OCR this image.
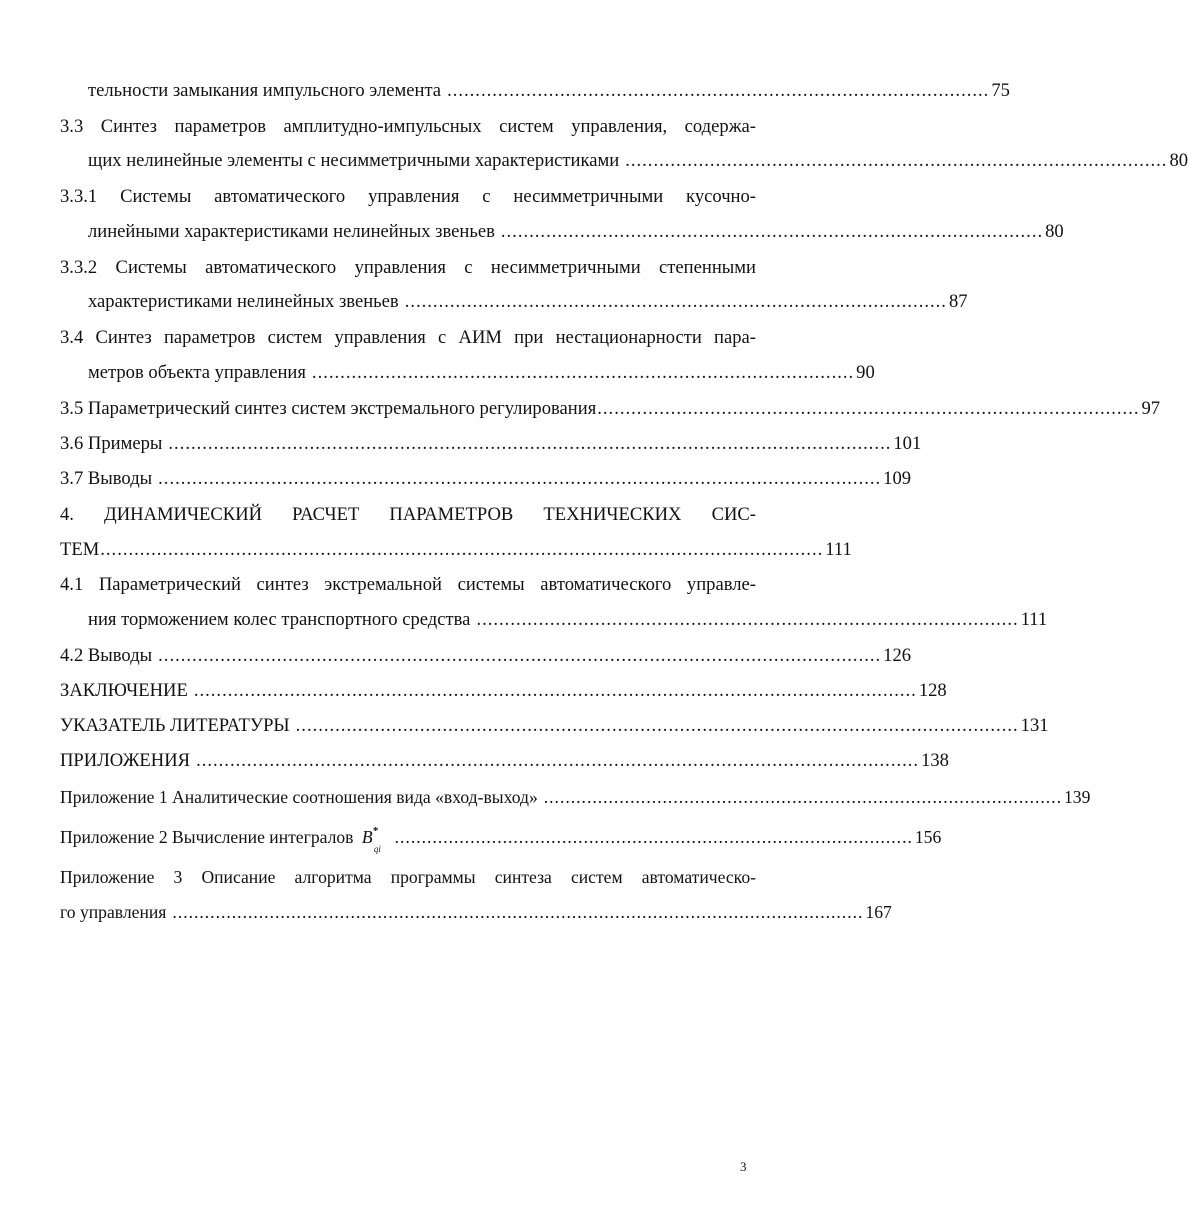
тельности замыкания импульсного элемента ................................................................................................ 75
3.3 Синтез параметров амплитудно-импульсных систем управления, содержа-
щих нелинейные элементы с несимметричными характеристиками ................................................................................................ 80
3.3.1 Системы автоматического управления с несимметричными кусочно-
линейными характеристиками нелинейных звеньев ................................................................................................ 80
3.3.2 Системы автоматического управления с несимметричными степенными
характеристиками нелинейных звеньев ................................................................................................ 87
3.4 Синтез параметров систем управления с АИМ при нестационарности пара-
метров объекта управления ................................................................................................ 90
3.5 Параметрический синтез систем экстремального регулирования ................................................................................................ 97
3.6 Примеры ................................................................................................................................ 101
3.7 Выводы ................................................................................................................................ 109
4. ДИНАМИЧЕСКИЙ РАСЧЕТ ПАРАМЕТРОВ ТЕХНИЧЕСКИХ СИС-
ТЕМ ................................................................................................................................ 111
4.1 Параметрический синтез экстремальной системы автоматического управле-
ния торможением колес транспортного средства ................................................................................................ 111
4.2 Выводы ................................................................................................................................ 126
ЗАКЛЮЧЕНИЕ ................................................................................................................................ 128
УКАЗАТЕЛЬ ЛИТЕРАТУРЫ ................................................................................................................................ 131
ПРИЛОЖЕНИЯ ................................................................................................................................ 138
Приложение 1 Аналитические соотношения вида «вход-выход» ................................................................................................ 139
Приложение 2 Вычисление интегралов B *
qi
................................................................................................ 156
Приложение 3 Описание алгоритма программы синтеза систем автоматическо-
го управления ................................................................................................................................ 167
3
